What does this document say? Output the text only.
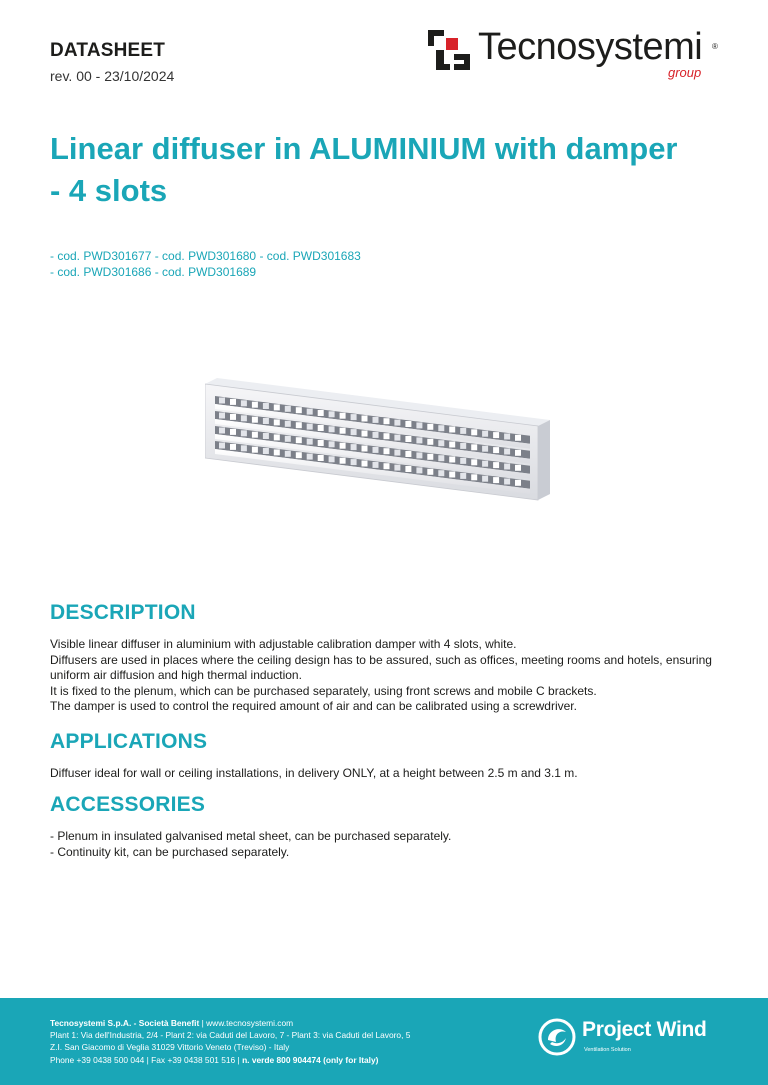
DATASHEET
rev. 00 - 23/10/2024
Tecnosystemi ®
group
Linear diffuser in ALUMINIUM with damper - 4 slots
- cod. PWD301677 - cod. PWD301680 - cod. PWD301683
- cod. PWD301686 - cod. PWD301689
DESCRIPTION

Visible linear diffuser in aluminium with adjustable calibration damper with 4 slots, white.

Diffusers are used in places where the ceiling design has to be assured, such as offices, meeting rooms and hotels, ensuring uniform air diffusion and high thermal induction.

It is fixed to the plenum, which can be purchased separately, using front screws and mobile C brackets.

The damper is used to control the required amount of air and can be calibrated using a screwdriver.

APPLICATIONS

Diffuser ideal for wall or ceiling installations, in delivery ONLY, at a height between 2.5 m and 3.1 m.

ACCESSORIES

- Plenum in insulated galvanised metal sheet, can be purchased separately.

- Continuity kit, can be purchased separately.

Tecnosystemi S.p.A. - Società Benefit | www.tecnosystemi.com
Plant 1: Via dell'Industria, 2/4 - Plant 2: via Caduti del Lavoro, 7 - Plant 3: via Caduti del Lavoro, 5
Z.I. San Giacomo di Veglia 31029 Vittorio Veneto (Treviso) - Italy
Phone +39 0438 500 044 | Fax +39 0438 501 516 | n. verde 800 904474 (only for Italy)
Project Wind
Ventilation Solution
